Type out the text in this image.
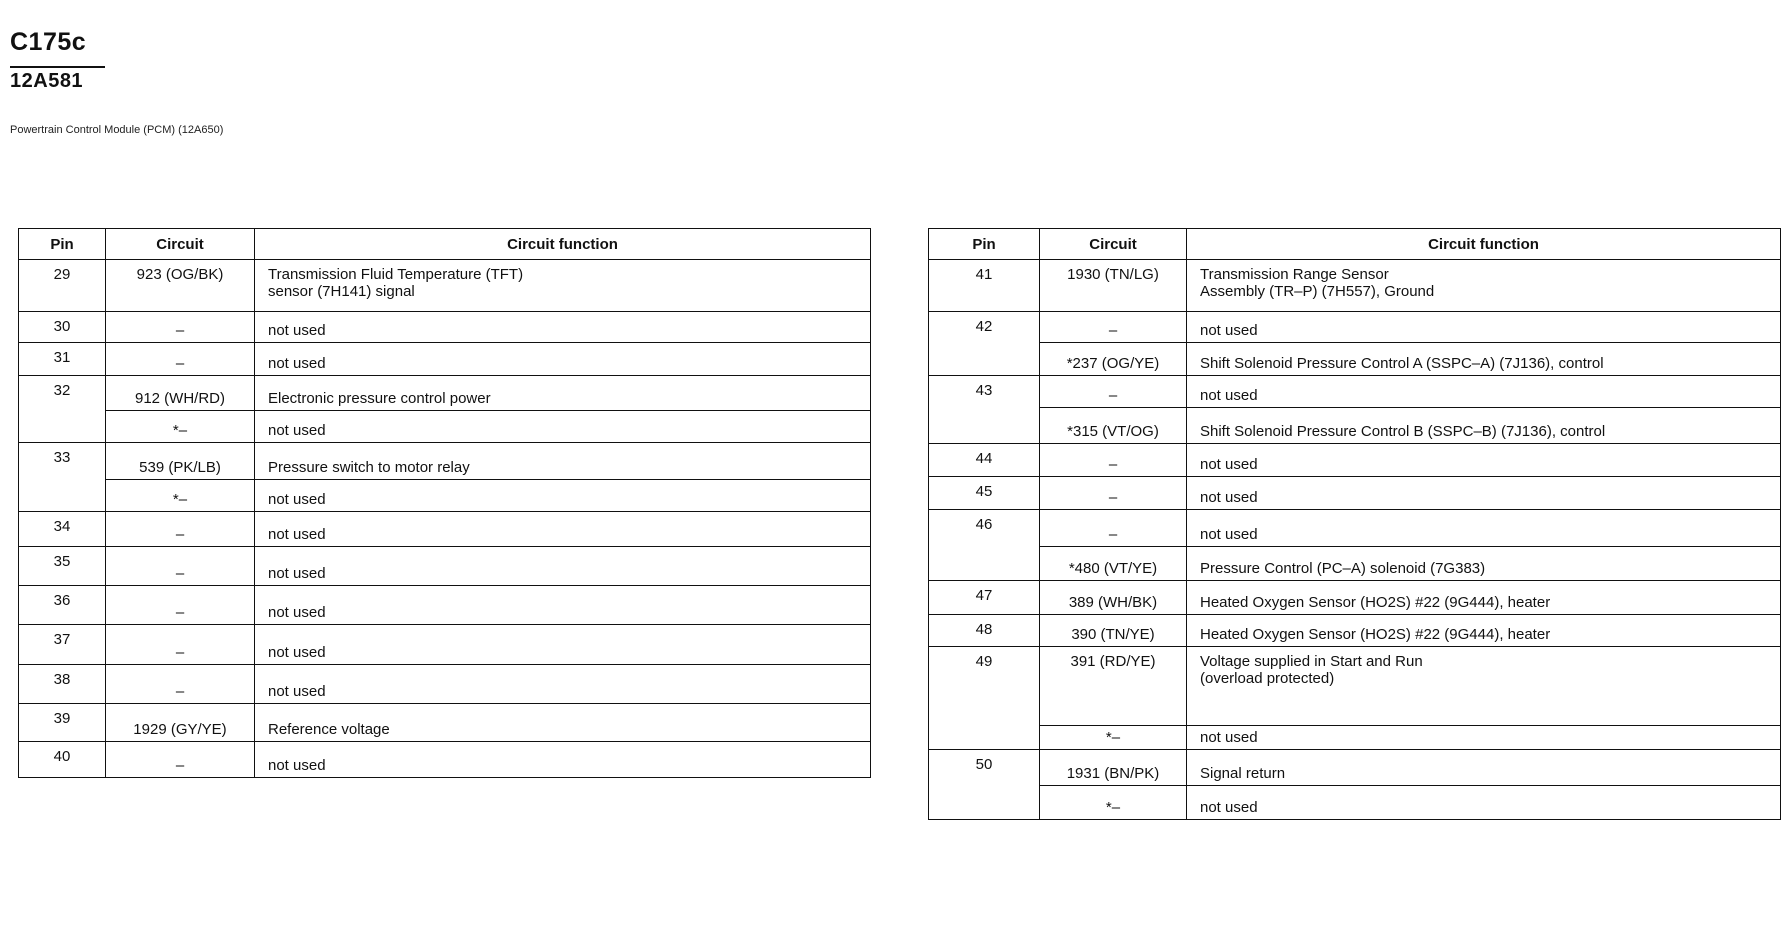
C175c
12A581
Powertrain Control Module (PCM) (12A650)
Pin	Circuit	Circuit function
29	923 (OG/BK)	Transmission Fluid Temperature (TFT)
sensor (7H141) signal

30	–	not used
31	–	not used
32	912 (WH/RD)	Electronic pressure control power
	*–	not used
33	539 (PK/LB)	Pressure switch to motor relay
	*–	not used
34	–	not used
35	–	not used
36	–	not used
37	–	not used
38	–	not used
39	1929 (GY/YE)	Reference voltage
40	–	not used
Pin	Circuit	Circuit function
41	1930 (TN/LG)	Transmission Range Sensor
Assembly (TR–P) (7H557), Ground

42	–	not used
	*237 (OG/YE)	Shift Solenoid Pressure Control A (SSPC–A) (7J136), control
43	–	not used
	*315 (VT/OG)	Shift Solenoid Pressure Control B (SSPC–B) (7J136), control
44	–	not used
45	–	not used
46	–	not used
	*480 (VT/YE)	Pressure Control (PC–A) solenoid (7G383)
47	389 (WH/BK)	Heated Oxygen Sensor (HO2S) #22 (9G444), heater
48	390 (TN/YE)	Heated Oxygen Sensor (HO2S) #22 (9G444), heater
49	391 (RD/YE)	Voltage supplied in Start and Run
(overload protected)

	*–	not used
50	1931 (BN/PK)	Signal return
	*–	not used
